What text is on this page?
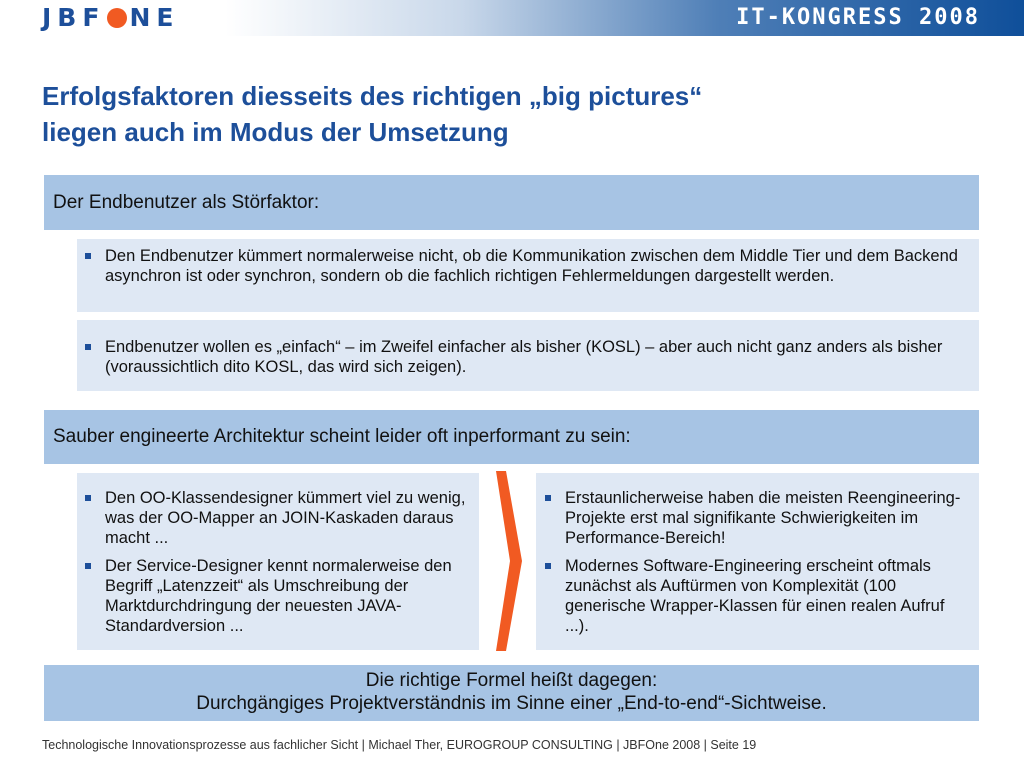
JBF NE	IT-KONGRESS 2008
Erfolgsfaktoren diesseits des richtigen „big pictures“
liegen auch im Modus der Umsetzung
Der Endbenutzer als Störfaktor:
Den Endbenutzer kümmert normalerweise nicht, ob die Kommunikation zwischen dem Middle Tier und dem Backend asynchron ist oder synchron, sondern ob die fachlich richtigen Fehlermeldungen dargestellt werden.
Endbenutzer wollen es „einfach“ – im Zweifel einfacher als bisher (KOSL) – aber auch nicht ganz anders als bisher (voraussichtlich dito KOSL, das wird sich zeigen).
Sauber engineerte Architektur scheint leider oft inperformant zu sein:
Den OO-Klassendesigner kümmert viel zu wenig, was der OO-Mapper an JOIN-Kaskaden daraus macht ...
Der Service-Designer kennt normalerweise den Begriff „Latenzzeit“ als Umschreibung der Marktdurchdringung der neuesten JAVA-Standardversion ...
Erstaunlicherweise haben die meisten Reengineering-Projekte erst mal signifikante Schwierigkeiten im Performance-Bereich!
Modernes Software-Engineering erscheint oftmals zunächst als Auftürmen von Komplexität (100 generische Wrapper-Klassen für einen realen Aufruf ...).
Die richtige Formel heißt dagegen:
Durchgängiges Projektverständnis im Sinne einer „End-to-end“-Sichtweise.
Technologische Innovationsprozesse aus fachlicher Sicht | Michael Ther, EUROGROUP CONSULTING | JBFOne 2008 | Seite 19
